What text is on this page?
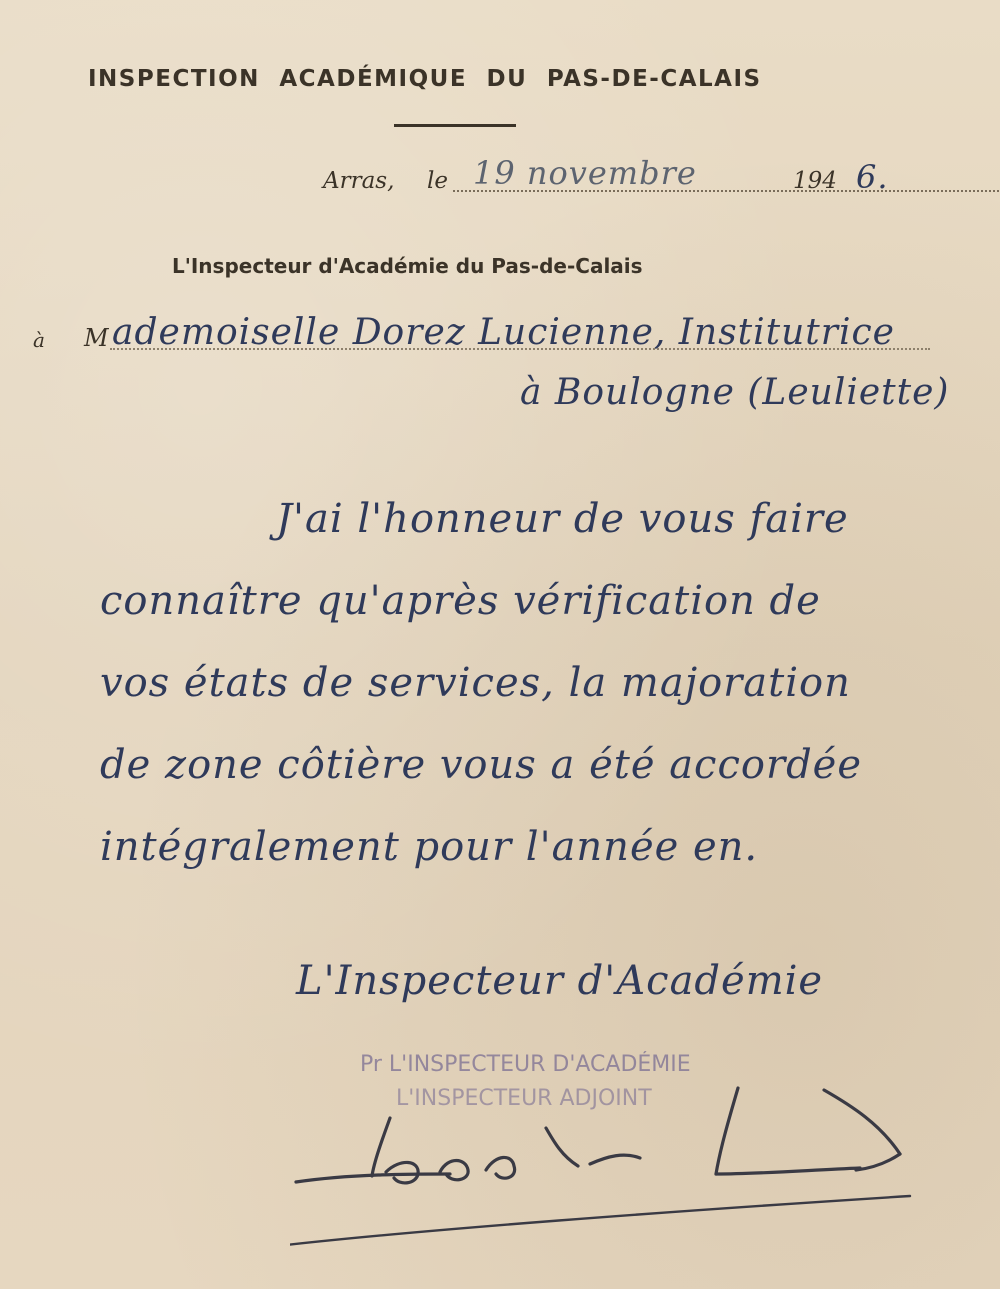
INSPECTION ACADÉMIQUE DU PAS-DE-CALAIS
Arras, le 19 novembre	194 6.
L'Inspecteur d'Académie du Pas-de-Calais
à M ademoiselle Dorez Lucienne, Institutrice
à Boulogne (Leuliette)
J'ai l'honneur de vous faire
connaître qu'après vérification de
vos états de services, la majoration
de zone côtière vous a été accordée
intégralement pour l'année en.
L'Inspecteur d'Académie
Pr L'INSPECTEUR D'ACADÉMIE
L'INSPECTEUR ADJOINT
